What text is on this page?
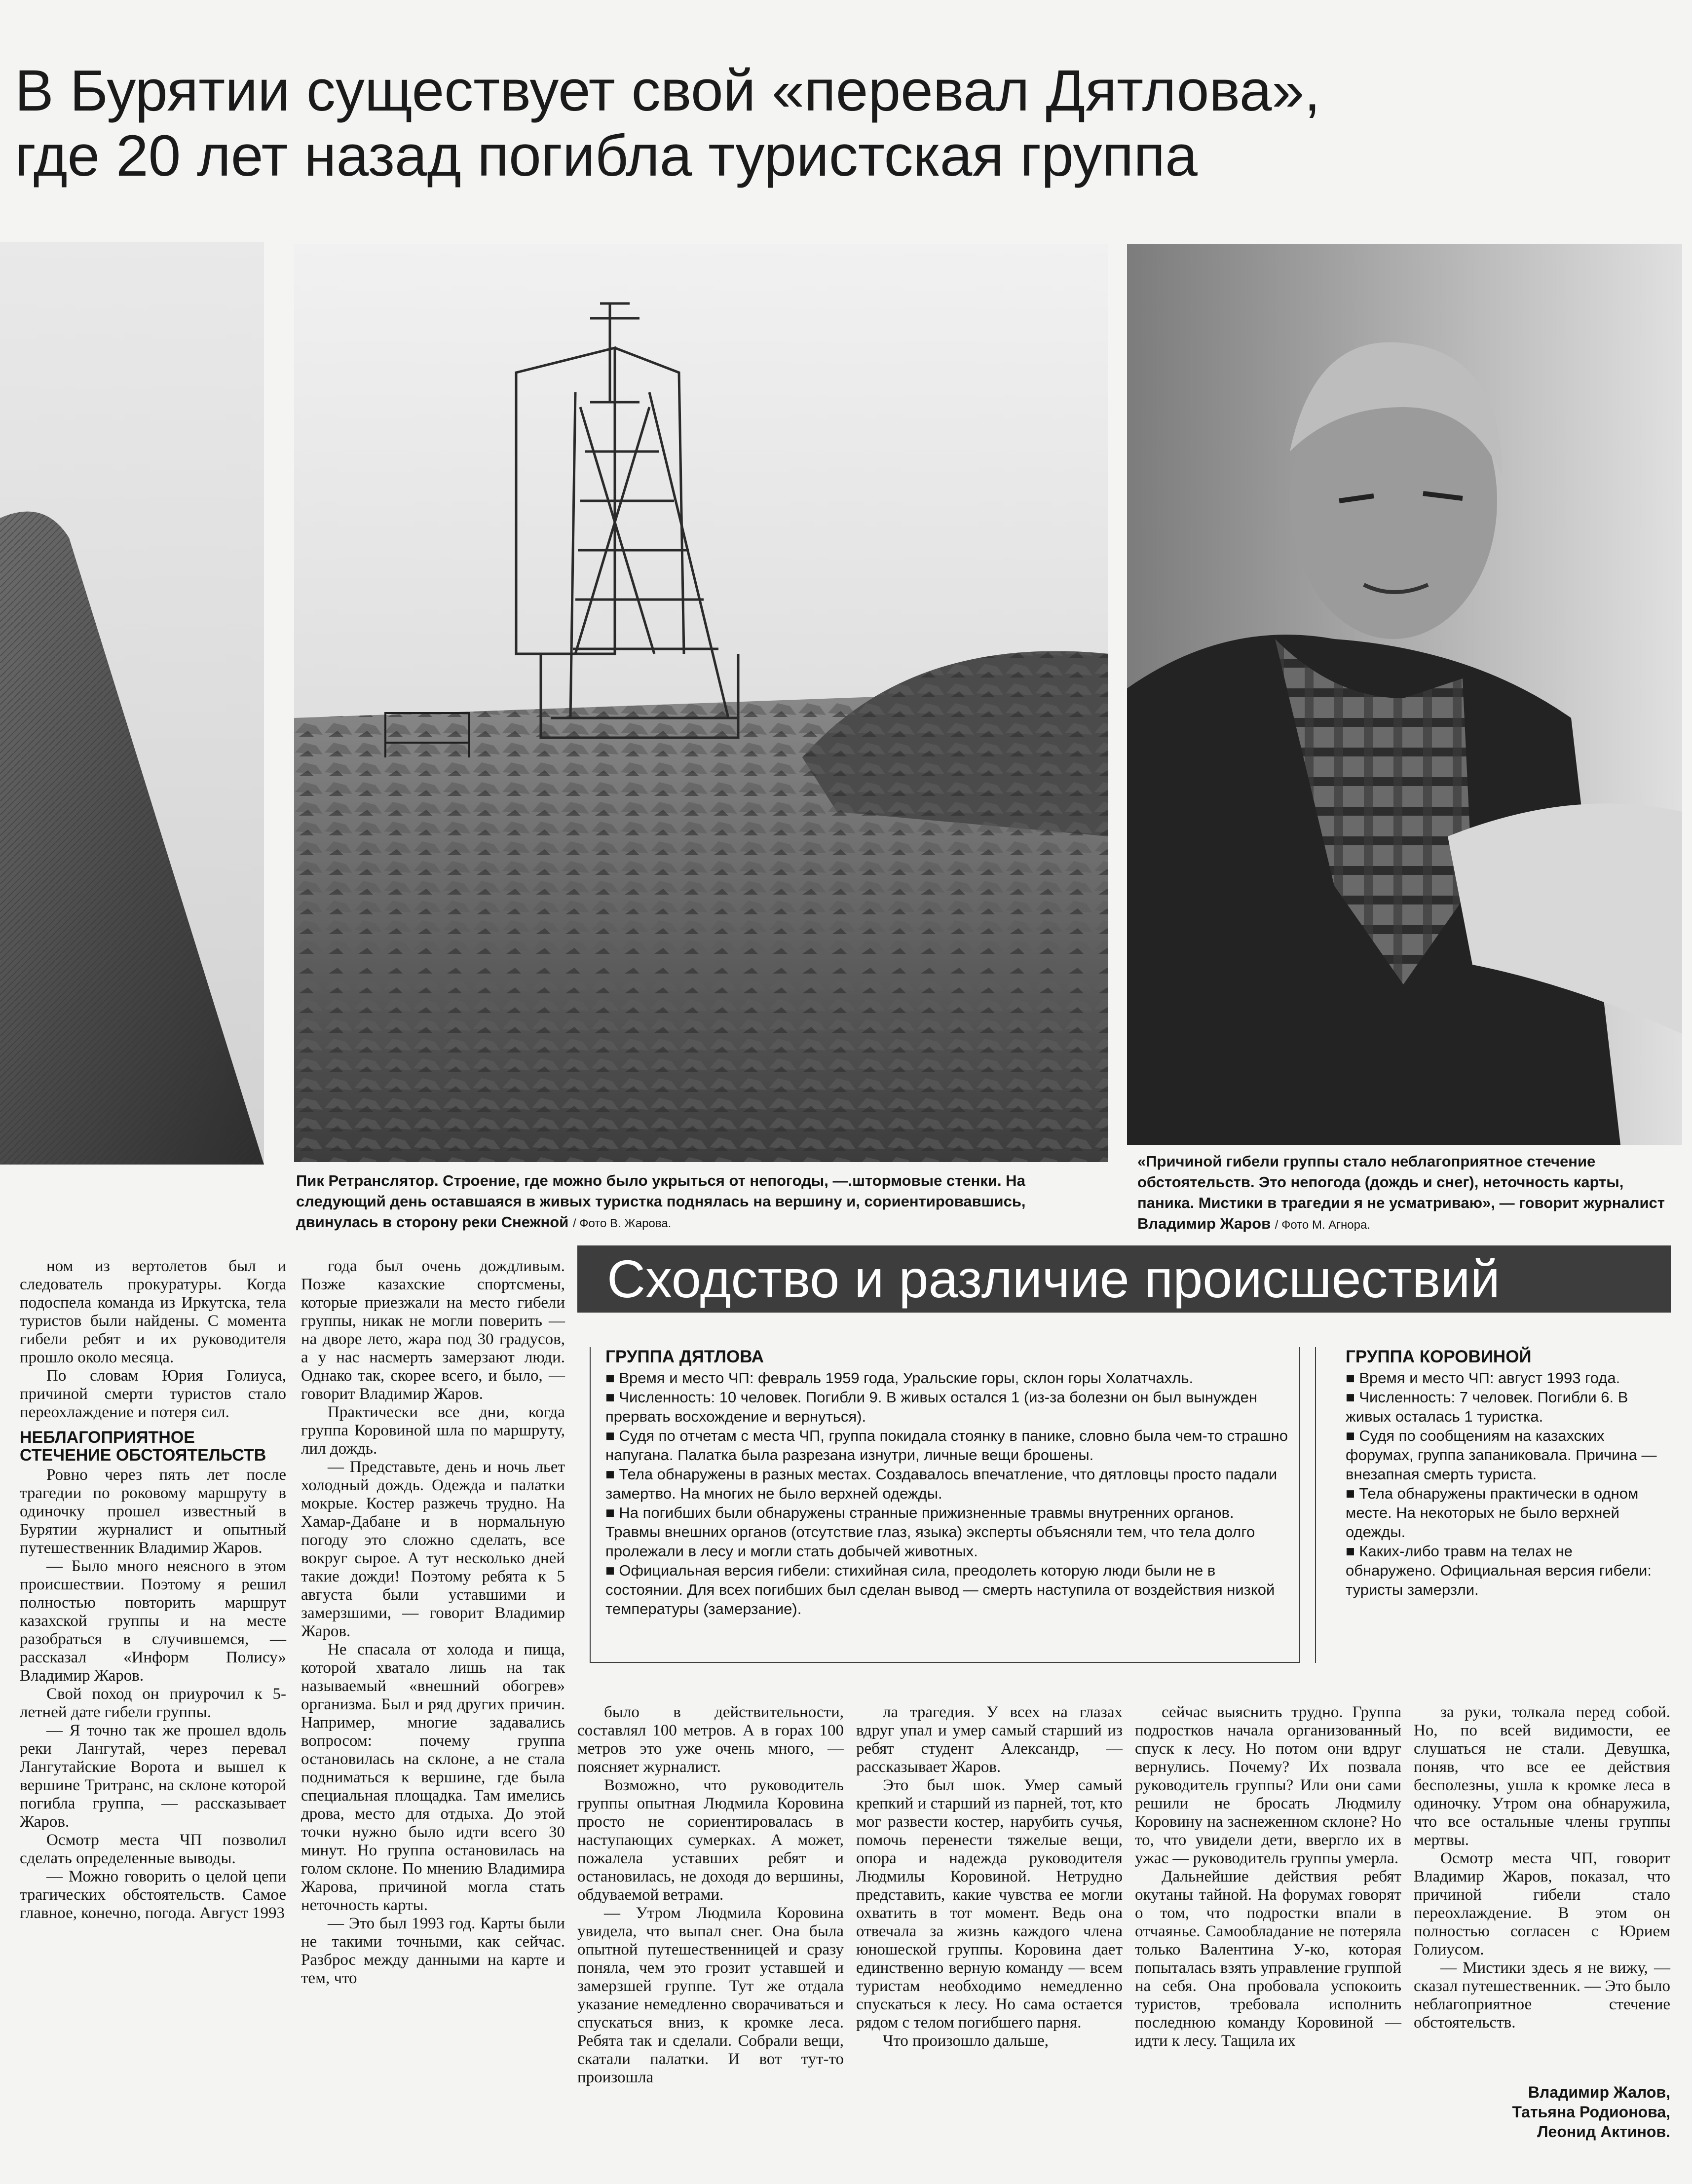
В Бурятии существует свой «перевал Дятлова»,
где 20 лет назад погибла туристская группа
Пик Ретранслятор. Строение, где можно было укрыться от непогоды, —.штормовые стенки. На следующий день оставшаяся в живых туристка поднялась на вершину и, сориентировавшись, двинулась в сторону реки Снежной / Фото В. Жарова.
«Причиной гибели группы стало неблагоприятное стечение обстоятельств. Это непогода (дождь и снег), неточность карты, паника. Мистики в трагедии я не усматриваю», — говорит журналист Владимир Жаров / Фото М. Агнора.
Сходство и различие происшествий
ГРУППА ДЯТЛОВА

■ Время и место ЧП: февраль 1959 года, Уральские горы, склон горы Холатчахль.

■ Численность: 10 человек. Погибли 9. В живых остался 1 (из-за болезни он был вынужден прервать восхождение и вернуться).

■ Судя по отчетам с места ЧП, группа покидала стоянку в панике, словно была чем-то страшно напугана. Палатка была разрезана изнутри, личные вещи брошены.

■ Тела обнаружены в разных местах. Создавалось впечатление, что дятловцы просто падали замертво. На многих не было верхней одежды.

■ На погибших были обнаружены странные прижизненные травмы внутренних органов. Травмы внешних органов (отсутствие глаз, языка) эксперты объясняли тем, что тела долго пролежали в лесу и могли стать добычей животных.

■ Официальная версия гибели: стихийная сила, преодолеть которую люди были не в состоянии. Для всех погибших был сделан вывод — смерть наступила от воздействия низкой температуры (замерзание).

ГРУППА КОРОВИНОЙ

■ Время и место ЧП: август 1993 года.

■ Численность: 7 человек. Погибли 6. В живых осталась 1 туристка.

■ Судя по сообщениям на казахских форумах, группа запаниковала. Причина — внезапная смерть туриста.

■ Тела обнаружены практически в одном месте. На некоторых не было верхней одежды.

■ Каких-либо травм на телах не обнаружено. Официальная версия гибели: туристы замерзли.

ном из вертолетов был и следователь прокуратуры. Когда подоспела команда из Иркутска, тела туристов были найдены. С момента гибели ребят и их руководителя прошло около месяца.

По словам Юрия Голиуса, причиной смерти туристов стало переохлаждение и потеря сил.

НЕБЛАГОПРИЯТНОЕ СТЕЧЕНИЕ ОБСТОЯТЕЛЬСТВ

Ровно через пять лет после трагедии по роковому маршруту в одиночку прошел известный в Бурятии журналист и опытный путешественник Владимир Жаров.

— Было много неясного в этом происшествии. Поэтому я решил полностью повторить маршрут казахской группы и на месте разобраться в случившемся, — рассказал «Информ Полису» Владимир Жаров.

Свой поход он приурочил к 5-летней дате гибели группы.

— Я точно так же прошел вдоль реки Лангутай, через перевал Лангутайские Ворота и вышел к вершине Тритранс, на склоне которой погибла группа, — рассказывает Жаров.

Осмотр места ЧП позволил сделать определенные выводы.

— Можно говорить о целой цепи трагических обстоятельств. Самое главное, конечно, погода. Август 1993

года был очень дождливым. Позже казахские спортсмены, которые приезжали на место гибели группы, никак не могли поверить — на дворе лето, жара под 30 градусов, а у нас насмерть замерзают люди. Однако так, скорее всего, и было, — говорит Владимир Жаров.

Практически все дни, когда группа Коровиной шла по маршруту, лил дождь.

— Представьте, день и ночь льет холодный дождь. Одежда и палатки мокрые. Костер разжечь трудно. На Хамар-Дабане и в нормальную погоду это сложно сделать, все вокруг сырое. А тут несколько дней такие дожди! Поэтому ребята к 5 августа были уставшими и замерзшими, — говорит Владимир Жаров.

Не спасала от холода и пища, которой хватало лишь на так называемый «внешний обогрев» организма. Был и ряд других причин. Например, многие задавались вопросом: почему группа остановилась на склоне, а не стала подниматься к вершине, где была специальная площадка. Там имелись дрова, место для отдыха. До этой точки нужно было идти всего 30 минут. Но группа остановилась на голом склоне. По мнению Владимира Жарова, причиной могла стать неточность карты.

— Это был 1993 год. Карты были не такими точными, как сейчас. Разброс между данными на карте и тем, что

было в действительности, составлял 100 метров. А в горах 100 метров это уже очень много, — поясняет журналист.

Возможно, что руководитель группы опытная Людмила Коровина просто не сориентировалась в наступающих сумерках. А может, пожалела уставших ребят и остановилась, не доходя до вершины, обдуваемой ветрами.

— Утром Людмила Коровина увидела, что выпал снег. Она была опытной путешественницей и сразу поняла, чем это грозит уставшей и замерзшей группе. Тут же отдала указание немедленно сворачиваться и спускаться вниз, к кромке леса. Ребята так и сделали. Собрали вещи, скатали палатки. И вот тут-то произошла

ла трагедия. У всех на глазах вдруг упал и умер самый старший из ребят студент Александр, — рассказывает Жаров.

Это был шок. Умер самый крепкий и старший из парней, тот, кто мог развести костер, нарубить сучья, помочь перенести тяжелые вещи, опора и надежда руководителя Людмилы Коровиной. Нетрудно представить, какие чувства ее могли охватить в тот момент. Ведь она отвечала за жизнь каждого члена юношеской группы. Коровина дает единственно верную команду — всем туристам необходимо немедленно спускаться к лесу. Но сама остается рядом с телом погибшего парня.

Что произошло дальше,

сейчас выяснить трудно. Группа подростков начала организованный спуск к лесу. Но потом они вдруг вернулись. Почему? Их позвала руководитель группы? Или они сами решили не бросать Людмилу Коровину на заснеженном склоне? Но то, что увидели дети, ввергло их в ужас — руководитель группы умерла.

Дальнейшие действия ребят окутаны тайной. На форумах говорят о том, что подростки впали в отчаянье. Самообладание не потеряла только Валентина У-ко, которая попыталась взять управление группой на себя. Она пробовала успокоить туристов, требовала исполнить последнюю команду Коровиной — идти к лесу. Тащила их

за руки, толкала перед собой. Но, по всей видимости, ее слушаться не стали. Девушка, поняв, что все ее действия бесполезны, ушла к кромке леса в одиночку. Утром она обнаружила, что все остальные члены группы мертвы.

Осмотр места ЧП, говорит Владимир Жаров, показал, что причиной гибели стало переохлаждение. В этом он полностью согласен с Юрием Голиусом.

— Мистики здесь я не вижу, — сказал путешественник. — Это было неблагоприятное стечение обстоятельств.

Владимир Жалов,
Татьяна Родионова,
Леонид Актинов.
